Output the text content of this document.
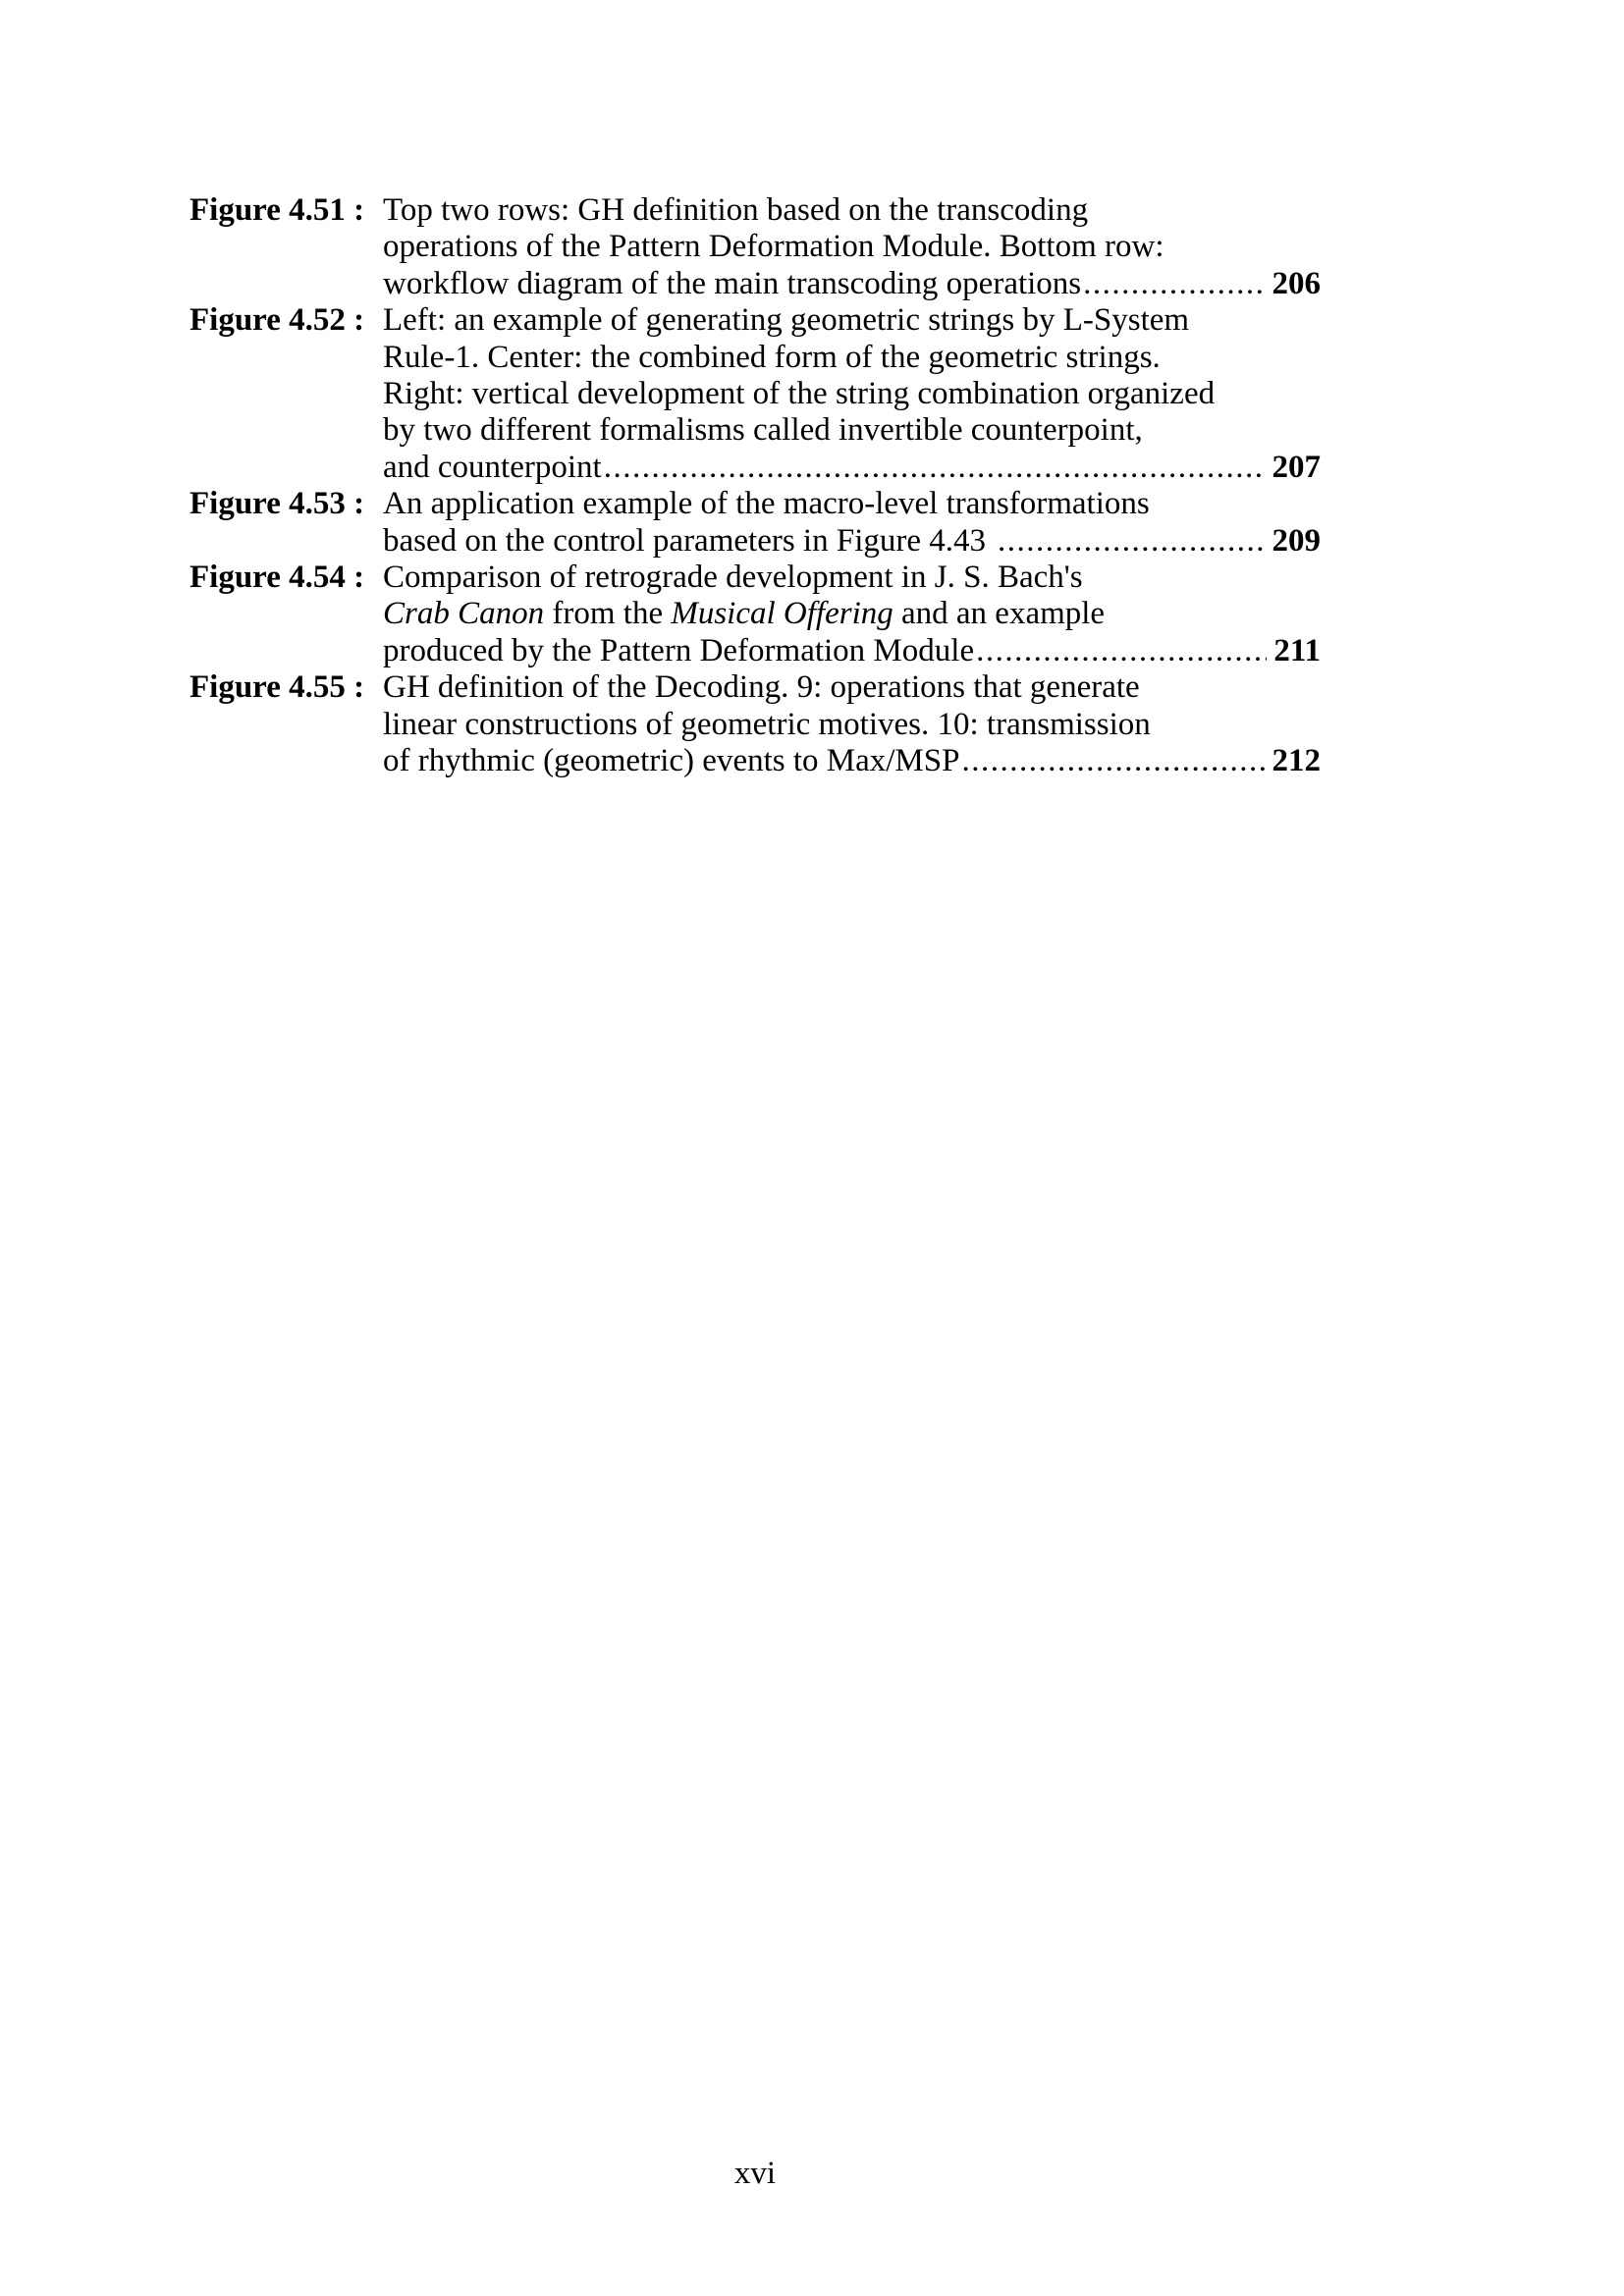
Figure 4.51 : Top two rows: GH definition based on the transcoding
operations of the Pattern Deformation Module. Bottom row:
workflow diagram of the main transcoding operations .....	206
Figure 4.52 : Left: an example of generating geometric strings by L-System
Rule-1. Center: the combined form of the geometric strings.
Right: vertical development of the string combination organized
by two different formalisms called invertible counterpoint,
and counterpoint .....	207
Figure 4.53 : An application example of the macro-level transformations
based on the control parameters in Figure 4.43 .....	209
Figure 4.54 : Comparison of retrograde development in J. S. Bach's
Crab Canon from the Musical Offering and an example
produced by the Pattern Deformation Module .....	211
Figure 4.55 : GH definition of the Decoding. 9: operations that generate
linear constructions of geometric motives. 10: transmission
of rhythmic (geometric) events to Max/MSP .....	212
xvi
